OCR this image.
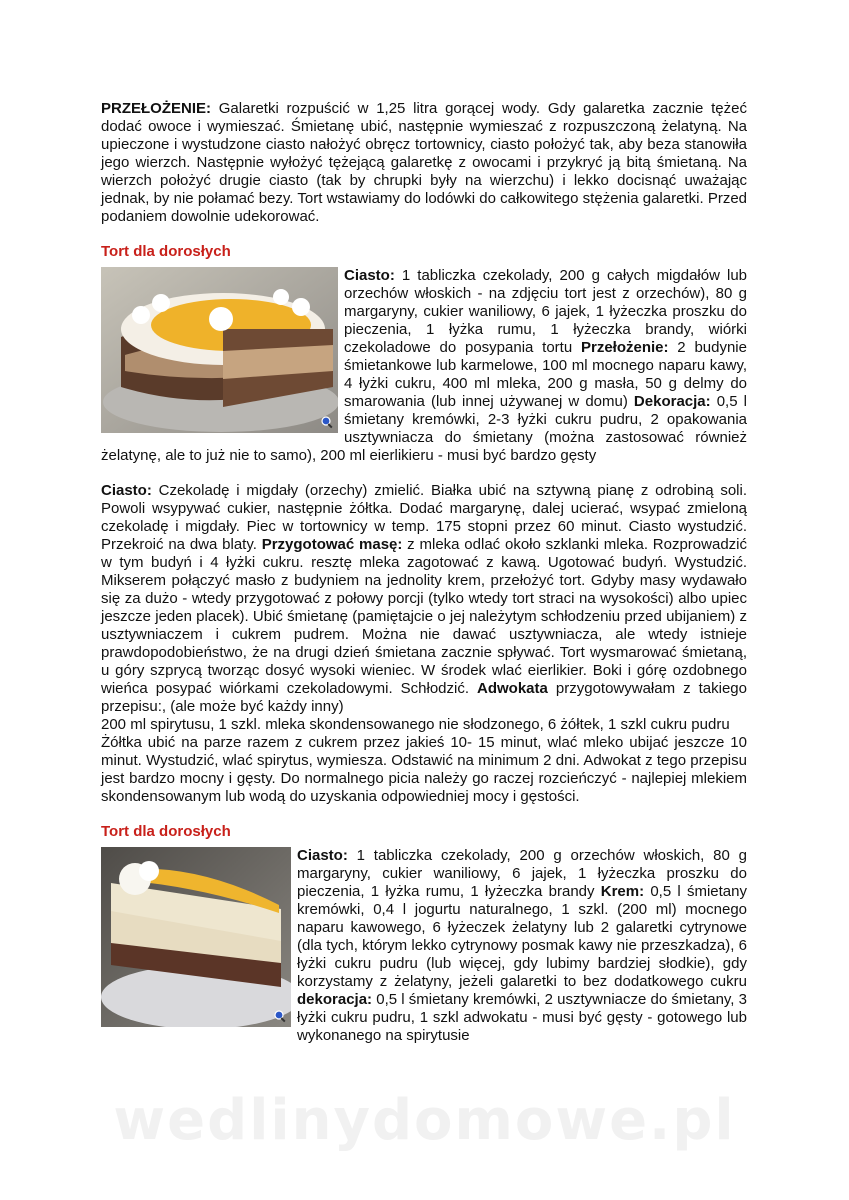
PRZEŁOŻENIE: Galaretki rozpuścić w 1,25 litra gorącej wody. Gdy galaretka zacznie tężeć dodać owoce i wymieszać. Śmietanę ubić, następnie wymieszać z rozpuszczoną żelatyną. Na upieczone i wystudzone ciasto nałożyć obręcz tortownicy, ciasto położyć tak, aby beza stanowiła jego wierzch. Następnie wyłożyć tężejącą galaretkę z owocami i przykryć ją bitą śmietaną. Na wierzch położyć drugie ciasto (tak by chrupki były na wierzchu) i lekko docisnąć uważając jednak, by nie połamać bezy. Tort wstawiamy do lodówki do całkowitego stężenia galaretki. Przed podaniem dowolnie udekorować.

Tort dla dorosłych

Ciasto: 1 tabliczka czekolady, 200 g całych migdałów lub orzechów włoskich - na zdjęciu tort jest z orzechów), 80 g margaryny, cukier waniliowy, 6 jajek, 1 łyżeczka proszku do pieczenia, 1 łyżka rumu, 1 łyżeczka brandy, wiórki czekoladowe do posypania tortu Przełożenie: 2 budynie śmietankowe lub karmelowe, 100 ml mocnego naparu kawy, 4 łyżki cukru, 400 ml mleka, 200 g masła, 50 g delmy do smarowania (lub innej używanej w domu) Dekoracja: 0,5 l śmietany kremówki, 2-3 łyżki cukru pudru, 2 opakowania usztywniacza do śmietany (można zastosować również żelatynę, ale to już nie to samo), 200 ml eierlikieru - musi być bardzo gęsty

Ciasto: Czekoladę i migdały (orzechy) zmielić. Białka ubić na sztywną pianę z odrobiną soli. Powoli wsypywać cukier, następnie żółtka. Dodać margarynę, dalej ucierać, wsypać zmieloną czekoladę i migdały. Piec w tortownicy w temp. 175 stopni przez 60 minut. Ciasto wystudzić. Przekroić na dwa blaty. Przygotować masę: z mleka odlać około szklanki mleka. Rozprowadzić w tym budyń i 4 łyżki cukru. resztę mleka zagotować z kawą. Ugotować budyń. Wystudzić. Mikserem połączyć masło z budyniem na jednolity krem, przełożyć tort. Gdyby masy wydawało się za dużo - wtedy przygotować z połowy porcji (tylko wtedy tort straci na wysokości) albo upiec jeszcze jeden placek). Ubić śmietanę (pamiętajcie o jej należytym schłodzeniu przed ubijaniem) z usztywniaczem i cukrem pudrem. Można nie dawać usztywniacza, ale wtedy istnieje prawdopodobieństwo, że na drugi dzień śmietana zacznie spływać. Tort wysmarować śmietaną, u góry szprycą tworząc dosyć wysoki wieniec. W środek wlać eierlikier. Boki i górę ozdobnego wieńca posypać wiórkami czekoladowymi. Schłodzić. Adwokata przygotowywałam z takiego przepisu:, (ale może być każdy inny)

200 ml spirytusu, 1 szkl. mleka skondensowanego nie słodzonego, 6 żółtek, 1 szkl cukru pudru

Żółtka ubić na parze razem z cukrem przez jakieś 10- 15 minut, wlać mleko ubijać jeszcze 10 minut. Wystudzić, wlać spirytus, wymiesza. Odstawić na minimum 2 dni. Adwokat z tego przepisu jest bardzo mocny i gęsty. Do normalnego picia należy go raczej rozcieńczyć - najlepiej mlekiem skondensowanym lub wodą do uzyskania odpowiedniej mocy i gęstości.

Tort dla dorosłych

Ciasto: 1 tabliczka czekolady, 200 g orzechów włoskich, 80 g margaryny, cukier waniliowy, 6 jajek, 1 łyżeczka proszku do pieczenia, 1 łyżka rumu, 1 łyżeczka brandy Krem: 0,5 l śmietany kremówki, 0,4 l jogurtu naturalnego, 1 szkl. (200 ml) mocnego naparu kawowego, 6 łyżeczek żelatyny lub 2 galaretki cytrynowe (dla tych, którym lekko cytrynowy posmak kawy nie przeszkadza), 6 łyżki cukru pudru (lub więcej, gdy lubimy bardziej słodkie), gdy korzystamy z żelatyny, jeżeli galaretki to bez dodatkowego cukru dekoracja: 0,5 l śmietany kremówki, 2 usztywniacze do śmietany, 3 łyżki cukru pudru, 1 szkl adwokatu - musi być gęsty - gotowego lub wykonanego na spirytusie

wedlinydomowe.pl
